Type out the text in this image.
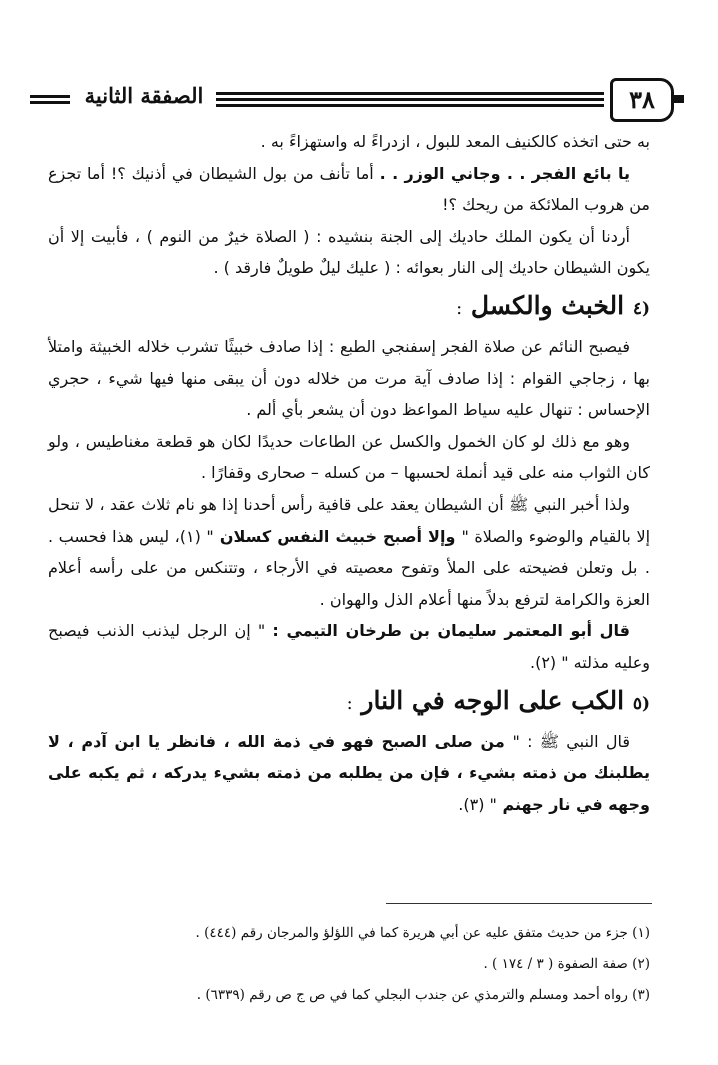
الصفقة الثانية	٣٨

به حتى اتخذه كالكنيف المعد للبول ، ازدراءً له واستهزاءً به .

يا بائع الفجر . . وجاني الوزر . . أما تأنف من بول الشيطان في أذنيك ؟! أما تجزع من هروب الملائكة من ريحك ؟!

أردنا أن يكون الملك حاديك إلى الجنة بنشيده : ( الصلاة خيرٌ من النوم ) ، فأبيت إلا أن يكون الشيطان حاديك إلى النار بعوائه : ( عليك ليلٌ طويلٌ فارقد ) .

(٤ الخبث والكسل :

فيصبح النائم عن صلاة الفجر إسفنجي الطبع : إذا صادف خبيثًا تشرب خلاله الخبيثة وامتلأ بها ، زجاجي القوام : إذا صادف آية مرت من خلاله دون أن يبقى منها فيها شيء ، حجري الإحساس : تنهال عليه سياط المواعظ دون أن يشعر بأي ألم .

وهو مع ذلك لو كان الخمول والكسل عن الطاعات حديدًا لكان هو قطعة مغناطيس ، ولو كان الثواب منه على قيد أنملة لحسبها – من كسله – صحارى وقفارًا .

ولذا أخبر النبي ﷺ أن الشيطان يعقد على قافية رأس أحدنا إذا هو نام ثلاث عقد ، لا تنحل إلا بالقيام والوضوء والصلاة " وإلا أصبح خبيث النفس كسلان " (١)، ليس هذا فحسب . . بل وتعلن فضيحته على الملأ وتفوح معصيته في الأرجاء ، وتتنكس من على رأسه أعلام العزة والكرامة لترفع بدلاً منها أعلام الذل والهوان .

قال أبو المعتمر سليمان بن طرخان التيمي : " إن الرجل ليذنب الذنب فيصبح وعليه مذلته " (٢).

(٥ الكب على الوجه في النار :

قال النبي ﷺ : " من صلى الصبح فهو في ذمة الله ، فانظر يا ابن آدم ، لا يطلبنك من ذمته بشيء ، فإن من يطلبه من ذمته بشيء يدركه ، ثم يكبه على وجهه في نار جهنم " (٣).

(١) جزء من حديث متفق عليه عن أبي هريرة كما في اللؤلؤ والمرجان رقم (٤٤٤) .
(٢) صفة الصفوة ( ٣ / ١٧٤ ) .
(٣) رواه أحمد ومسلم والترمذي عن جندب البجلي كما في ص ج ص رقم (٦٣٣٩) .
